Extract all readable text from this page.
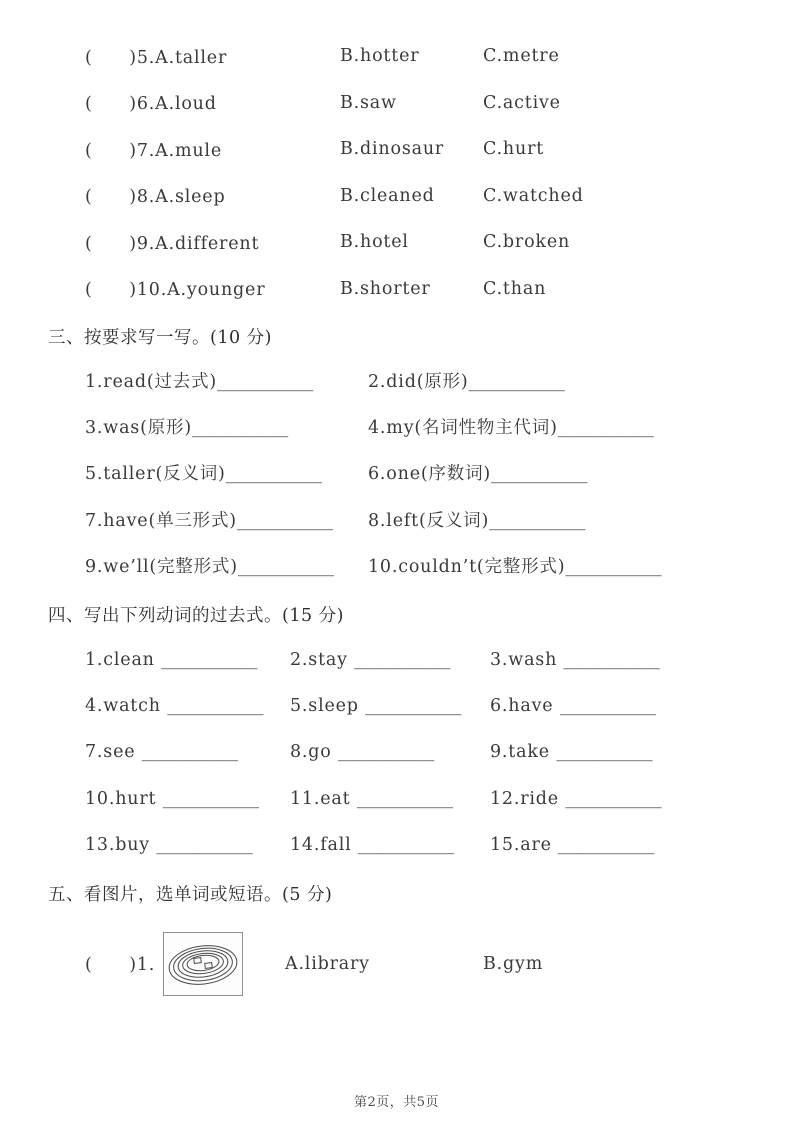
(　　)5.A.taller	B.hotter	C.metre
(　　)6.A.loud	B.saw	C.active
(　　)7.A.mule	B.dinosaur	C.hurt
(　　)8.A.sleep	B.cleaned	C.watched
(　　)9.A.different	B.hotel	C.broken
(　　)10.A.younger	B.shorter	C.than
三、按要求写一写。(10 分)
1.read(过去式)___________	2.did(原形)___________
3.was(原形)___________	4.my(名词性物主代词)___________
5.taller(反义词)___________	6.one(序数词)___________
7.have(单三形式)___________	8.left(反义词)___________
9.we’ll(完整形式)___________	10.couldn’t(完整形式)___________
四、写出下列动词的过去式。(15 分)
1.clean ___________	2.stay ___________	3.wash ___________
4.watch ___________	5.sleep ___________	6.have ___________
7.see ___________	8.go ___________	9.take ___________
10.hurt ___________	11.eat ___________	12.ride ___________
13.buy ___________	14.fall ___________	15.are ___________
五、看图片，选单词或短语。(5 分)
(　　)1.	A.library	B.gym
第2页，共5页
